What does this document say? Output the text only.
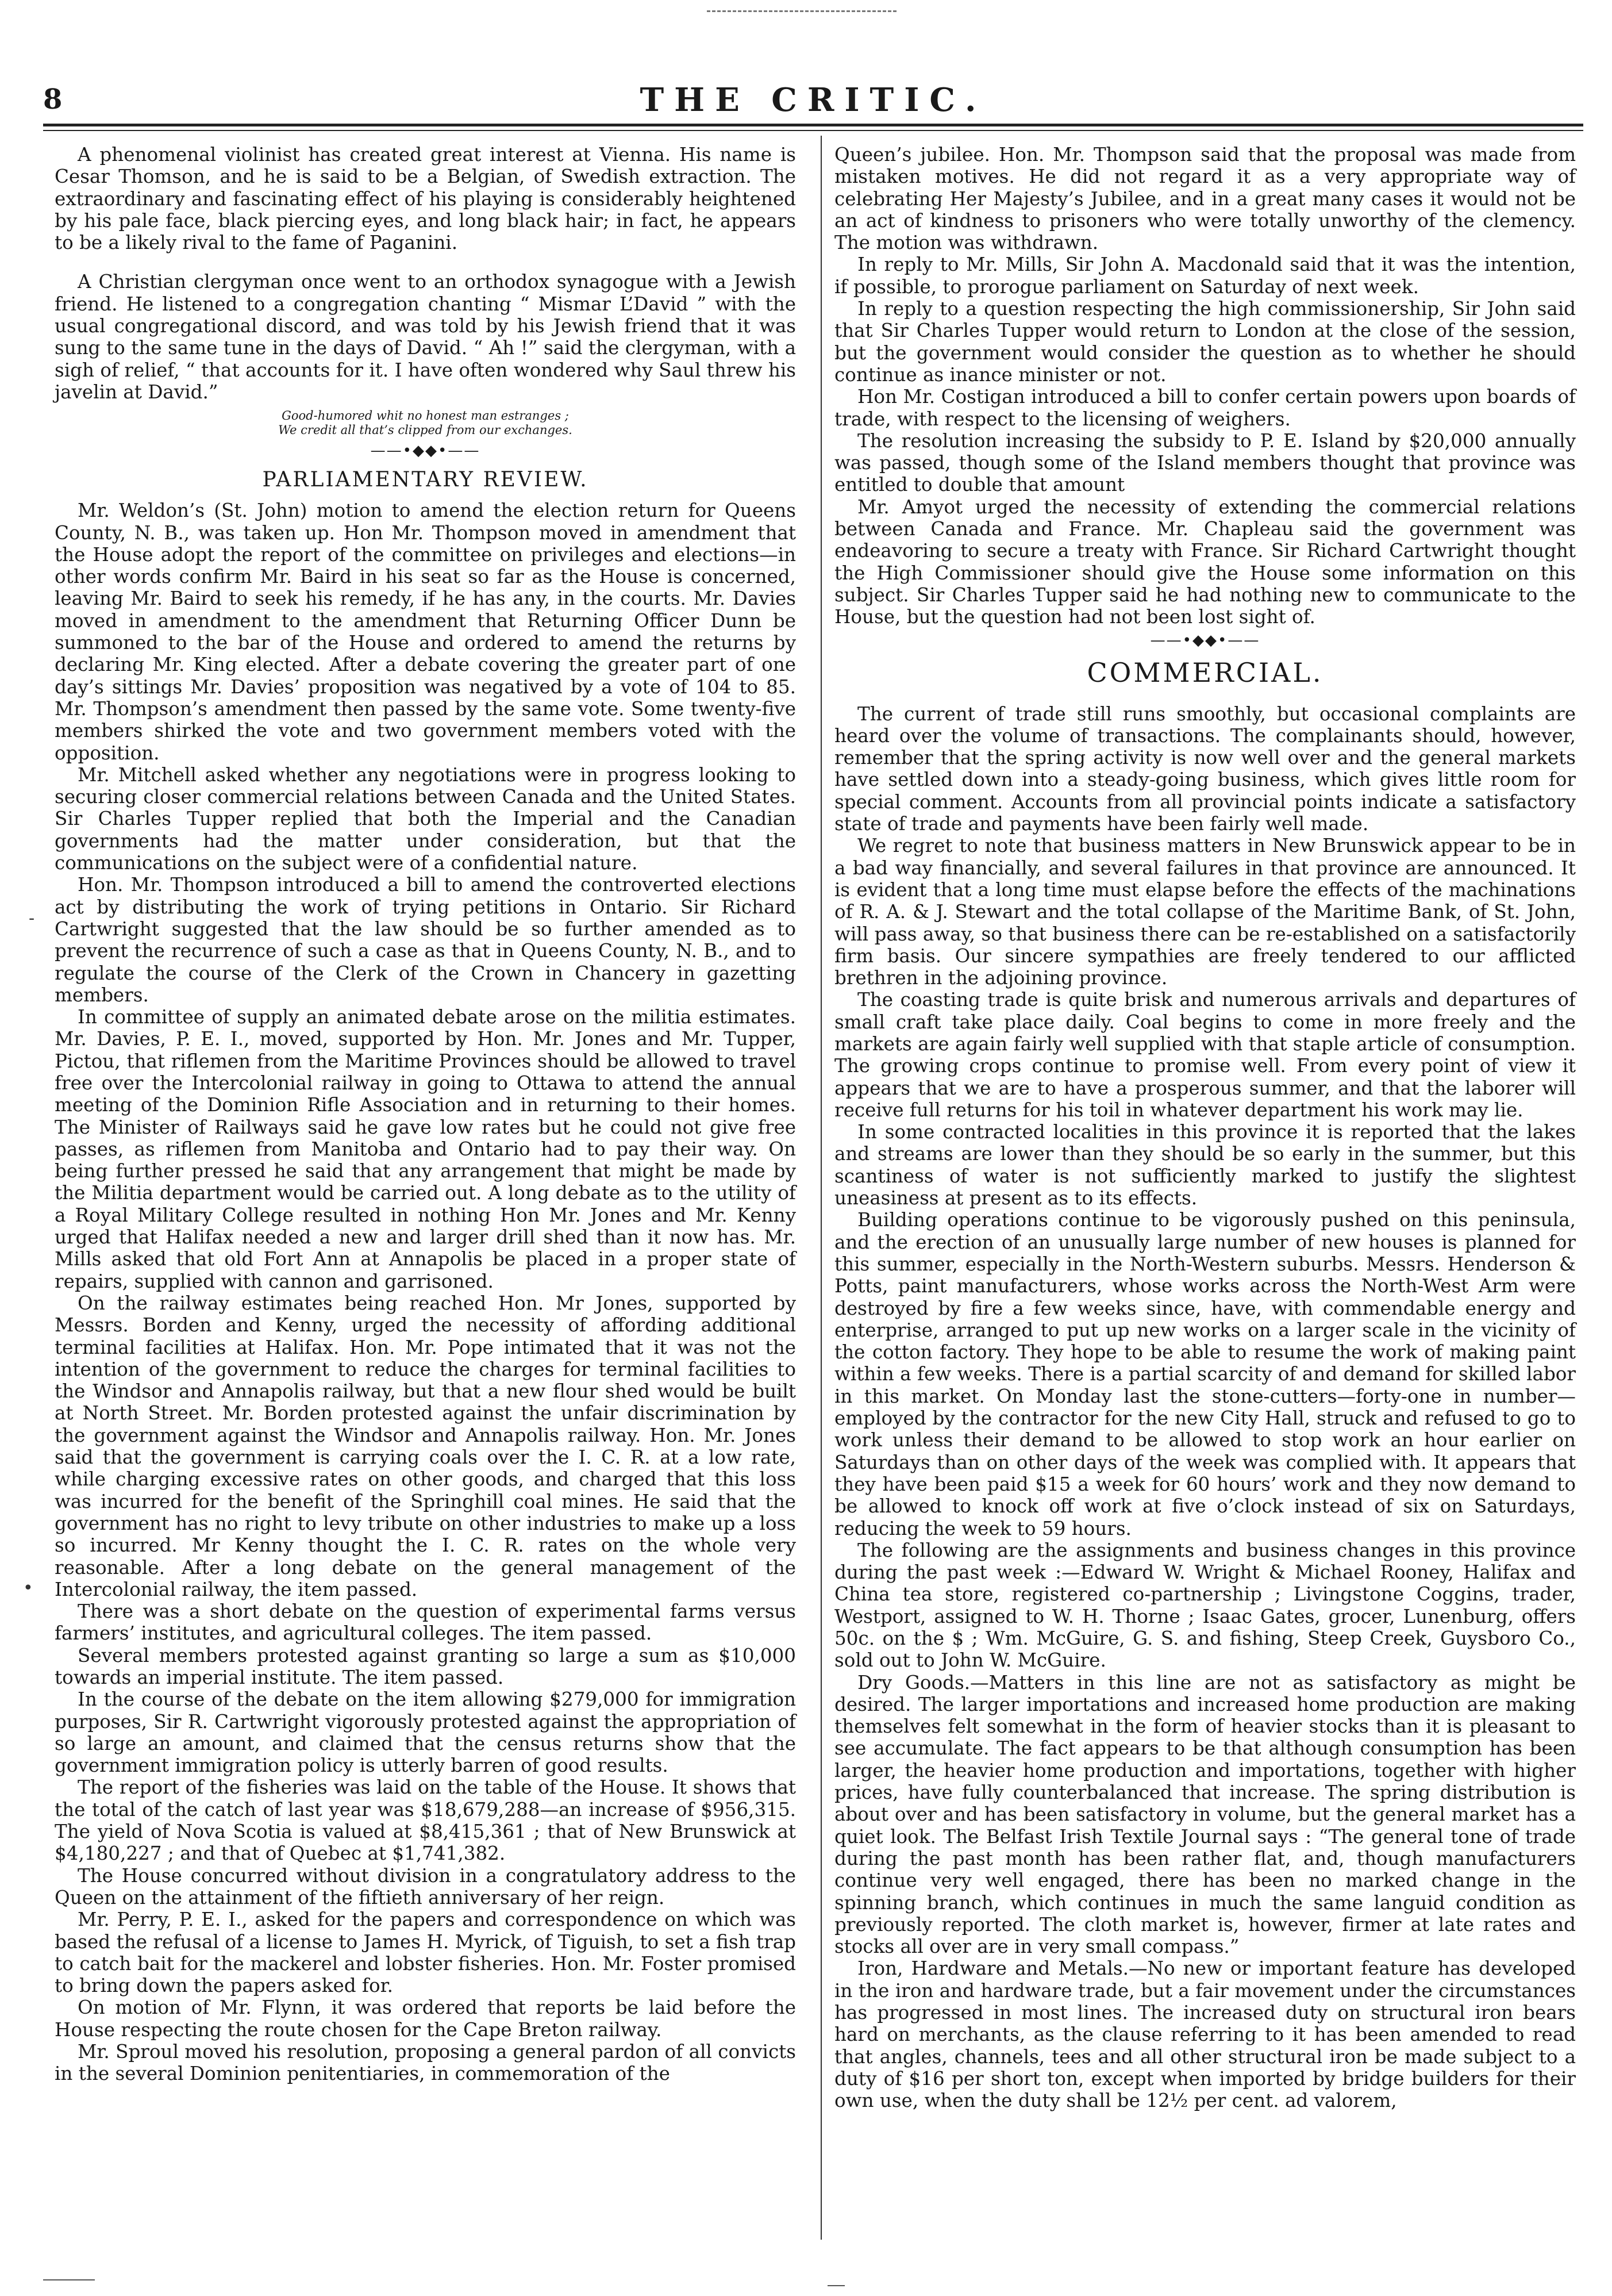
8	THE CRITIC.

A phenomenal violinist has created great interest at Vienna. His name is Cesar Thomson, and he is said to be a Belgian, of Swedish extraction. The extraordinary and fascinating effect of his playing is considerably heightened by his pale face, black piercing eyes, and long black hair; in fact, he appears to be a likely rival to the fame of Paganini.

A Christian clergyman once went to an orthodox synagogue with a Jewish friend. He listened to a congregation chanting “ Mismar L’David ” with the usual congregational discord, and was told by his Jewish friend that it was sung to the same tune in the days of David. “ Ah !” said the clergyman, with a sigh of relief, “ that accounts for it. I have often wondered why Saul threw his javelin at David.”

Good-humored whit no honest man estranges ;
We credit all that’s clipped from our exchanges.
——•◆◆•——
PARLIAMENTARY REVIEW.

Mr. Weldon’s (St. John) motion to amend the election return for Queens County, N. B., was taken up. Hon Mr. Thompson moved in amendment that the House adopt the report of the committee on privileges and elections—in other words confirm Mr. Baird in his seat so far as the House is concerned, leaving Mr. Baird to seek his remedy, if he has any, in the courts. Mr. Davies moved in amendment to the amendment that Returning Officer Dunn be summoned to the bar of the House and ordered to amend the returns by declaring Mr. King elected. After a debate covering the greater part of one day’s sittings Mr. Davies’ proposition was negatived by a vote of 104 to 85. Mr. Thompson’s amendment then passed by the same vote. Some twenty-five members shirked the vote and two government members voted with the opposition.

Mr. Mitchell asked whether any negotiations were in progress looking to securing closer commercial relations between Canada and the United States. Sir Charles Tupper replied that both the Imperial and the Canadian governments had the matter under consideration, but that the communications on the subject were of a confidential nature.

Hon. Mr. Thompson introduced a bill to amend the controverted elections act by distributing the work of trying petitions in Ontario. Sir Richard Cartwright suggested that the law should be so further amended as to prevent the recurrence of such a case as that in Queens County, N. B., and to regulate the course of the Clerk of the Crown in Chancery in gazetting members.

In committee of supply an animated debate arose on the militia estimates. Mr. Davies, P. E. I., moved, supported by Hon. Mr. Jones and Mr. Tupper, Pictou, that riflemen from the Maritime Provinces should be allowed to travel free over the Intercolonial railway in going to Ottawa to attend the annual meeting of the Dominion Rifle Association and in returning to their homes. The Minister of Railways said he gave low rates but he could not give free passes, as riflemen from Manitoba and Ontario had to pay their way. On being further pressed he said that any arrangement that might be made by the Militia department would be carried out. A long debate as to the utility of a Royal Military College resulted in nothing Hon Mr. Jones and Mr. Kenny urged that Halifax needed a new and larger drill shed than it now has. Mr. Mills asked that old Fort Ann at Annapolis be placed in a proper state of repairs, supplied with cannon and garrisoned.

On the railway estimates being reached Hon. Mr Jones, supported by Messrs. Borden and Kenny, urged the necessity of affording additional terminal facilities at Halifax. Hon. Mr. Pope intimated that it was not the intention of the government to reduce the charges for terminal facilities to the Windsor and Annapolis railway, but that a new flour shed would be built at North Street. Mr. Borden protested against the unfair discrimination by the government against the Windsor and Annapolis railway. Hon. Mr. Jones said that the government is carrying coals over the I. C. R. at a low rate, while charging excessive rates on other goods, and charged that this loss was incurred for the benefit of the Springhill coal mines. He said that the government has no right to levy tribute on other industries to make up a loss so incurred. Mr Kenny thought the I. C. R. rates on the whole very reasonable. After a long debate on the general management of the Intercolonial railway, the item passed.

There was a short debate on the question of experimental farms versus farmers’ institutes, and agricultural colleges. The item passed.

Several members protested against granting so large a sum as $10,000 towards an imperial institute. The item passed.

In the course of the debate on the item allowing $279,000 for immigration purposes, Sir R. Cartwright vigorously protested against the appropriation of so large an amount, and claimed that the census returns show that the government immigration policy is utterly barren of good results.

The report of the fisheries was laid on the table of the House. It shows that the total of the catch of last year was $18,679,288—an increase of $956,315. The yield of Nova Scotia is valued at $8,415,361 ; that of New Brunswick at $4,180,227 ; and that of Quebec at $1,741,382.

The House concurred without division in a congratulatory address to the Queen on the attainment of the fiftieth anniversary of her reign.

Mr. Perry, P. E. I., asked for the papers and correspondence on which was based the refusal of a license to James H. Myrick, of Tiguish, to set a fish trap to catch bait for the mackerel and lobster fisheries. Hon. Mr. Foster promised to bring down the papers asked for.

On motion of Mr. Flynn, it was ordered that reports be laid before the House respecting the route chosen for the Cape Breton railway.

Mr. Sproul moved his resolution, proposing a general pardon of all convicts in the several Dominion penitentiaries, in commemoration of the

Queen’s jubilee. Hon. Mr. Thompson said that the proposal was made from mistaken motives. He did not regard it as a very appropriate way of celebrating Her Majesty’s Jubilee, and in a great many cases it would not be an act of kindness to prisoners who were totally unworthy of the clemency. The motion was withdrawn.

In reply to Mr. Mills, Sir John A. Macdonald said that it was the intention, if possible, to prorogue parliament on Saturday of next week.

In reply to a question respecting the high commissionership, Sir John said that Sir Charles Tupper would return to London at the close of the session, but the government would consider the question as to whether he should continue as inance minister or not.

Hon Mr. Costigan introduced a bill to confer certain powers upon boards of trade, with respect to the licensing of weighers.

The resolution increasing the subsidy to P. E. Island by $20,000 annually was passed, though some of the Island members thought that province was entitled to double that amount

Mr. Amyot urged the necessity of extending the commercial relations between Canada and France. Mr. Chapleau said the government was endeavoring to secure a treaty with France. Sir Richard Cartwright thought the High Commissioner should give the House some information on this subject. Sir Charles Tupper said he had nothing new to communicate to the House, but the question had not been lost sight of.

——•◆◆•——
COMMERCIAL.

The current of trade still runs smoothly, but occasional complaints are heard over the volume of transactions. The complainants should, however, remember that the spring activity is now well over and the general markets have settled down into a steady-going business, which gives little room for special comment. Accounts from all provincial points indicate a satisfactory state of trade and payments have been fairly well made.

We regret to note that business matters in New Brunswick appear to be in a bad way financially, and several failures in that province are announced. It is evident that a long time must elapse before the effects of the machinations of R. A. & J. Stewart and the total collapse of the Maritime Bank, of St. John, will pass away, so that business there can be re-established on a satisfactorily firm basis. Our sincere sympathies are freely tendered to our afflicted brethren in the adjoining province.

The coasting trade is quite brisk and numerous arrivals and departures of small craft take place daily. Coal begins to come in more freely and the markets are again fairly well supplied with that staple article of consumption. The growing crops continue to promise well. From every point of view it appears that we are to have a prosperous summer, and that the laborer will receive full returns for his toil in whatever department his work may lie.

In some contracted localities in this province it is reported that the lakes and streams are lower than they should be so early in the summer, but this scantiness of water is not sufficiently marked to justify the slightest uneasiness at present as to its effects.

Building operations continue to be vigorously pushed on this peninsula, and the erection of an unusually large number of new houses is planned for this summer, especially in the North-Western suburbs. Messrs. Henderson & Potts, paint manufacturers, whose works across the North-West Arm were destroyed by fire a few weeks since, have, with commendable energy and enterprise, arranged to put up new works on a larger scale in the vicinity of the cotton factory. They hope to be able to resume the work of making paint within a few weeks. There is a partial scarcity of and demand for skilled labor in this market. On Monday last the stone-cutters—forty-one in number—employed by the contractor for the new City Hall, struck and refused to go to work unless their demand to be allowed to stop work an hour earlier on Saturdays than on other days of the week was complied with. It appears that they have been paid $15 a week for 60 hours’ work and they now demand to be allowed to knock off work at five o’clock instead of six on Saturdays, reducing the week to 59 hours.

The following are the assignments and business changes in this province during the past week :—Edward W. Wright & Michael Rooney, Halifax and China tea store, registered co-partnership ; Livingstone Coggins, trader, Westport, assigned to W. H. Thorne ; Isaac Gates, grocer, Lunenburg, offers 50c. on the $ ; Wm. McGuire, G. S. and fishing, Steep Creek, Guysboro Co., sold out to John W. McGuire.

Dry Goods.—Matters in this line are not as satisfactory as might be desired. The larger importations and increased home production are making themselves felt somewhat in the form of heavier stocks than it is pleasant to see accumulate. The fact appears to be that although consumption has been larger, the heavier home production and importations, together with higher prices, have fully counterbalanced that increase. The spring distribution is about over and has been satisfactory in volume, but the general market has a quiet look. The Belfast Irish Textile Journal says : “The general tone of trade during the past month has been rather flat, and, though manufacturers continue very well engaged, there has been no marked change in the spinning branch, which continues in much the same languid condition as previously reported. The cloth market is, however, firmer at late rates and stocks all over are in very small compass.”

Iron, Hardware and Metals.—No new or important feature has developed in the iron and hardware trade, but a fair movement under the circumstances has progressed in most lines. The increased duty on structural iron bears hard on merchants, as the clause referring to it has been amended to read that angles, channels, tees and all other structural iron be made subject to a duty of $16 per short ton, except when imported by bridge builders for their own use, when the duty shall be 12½ per cent. ad valorem,

-
•
